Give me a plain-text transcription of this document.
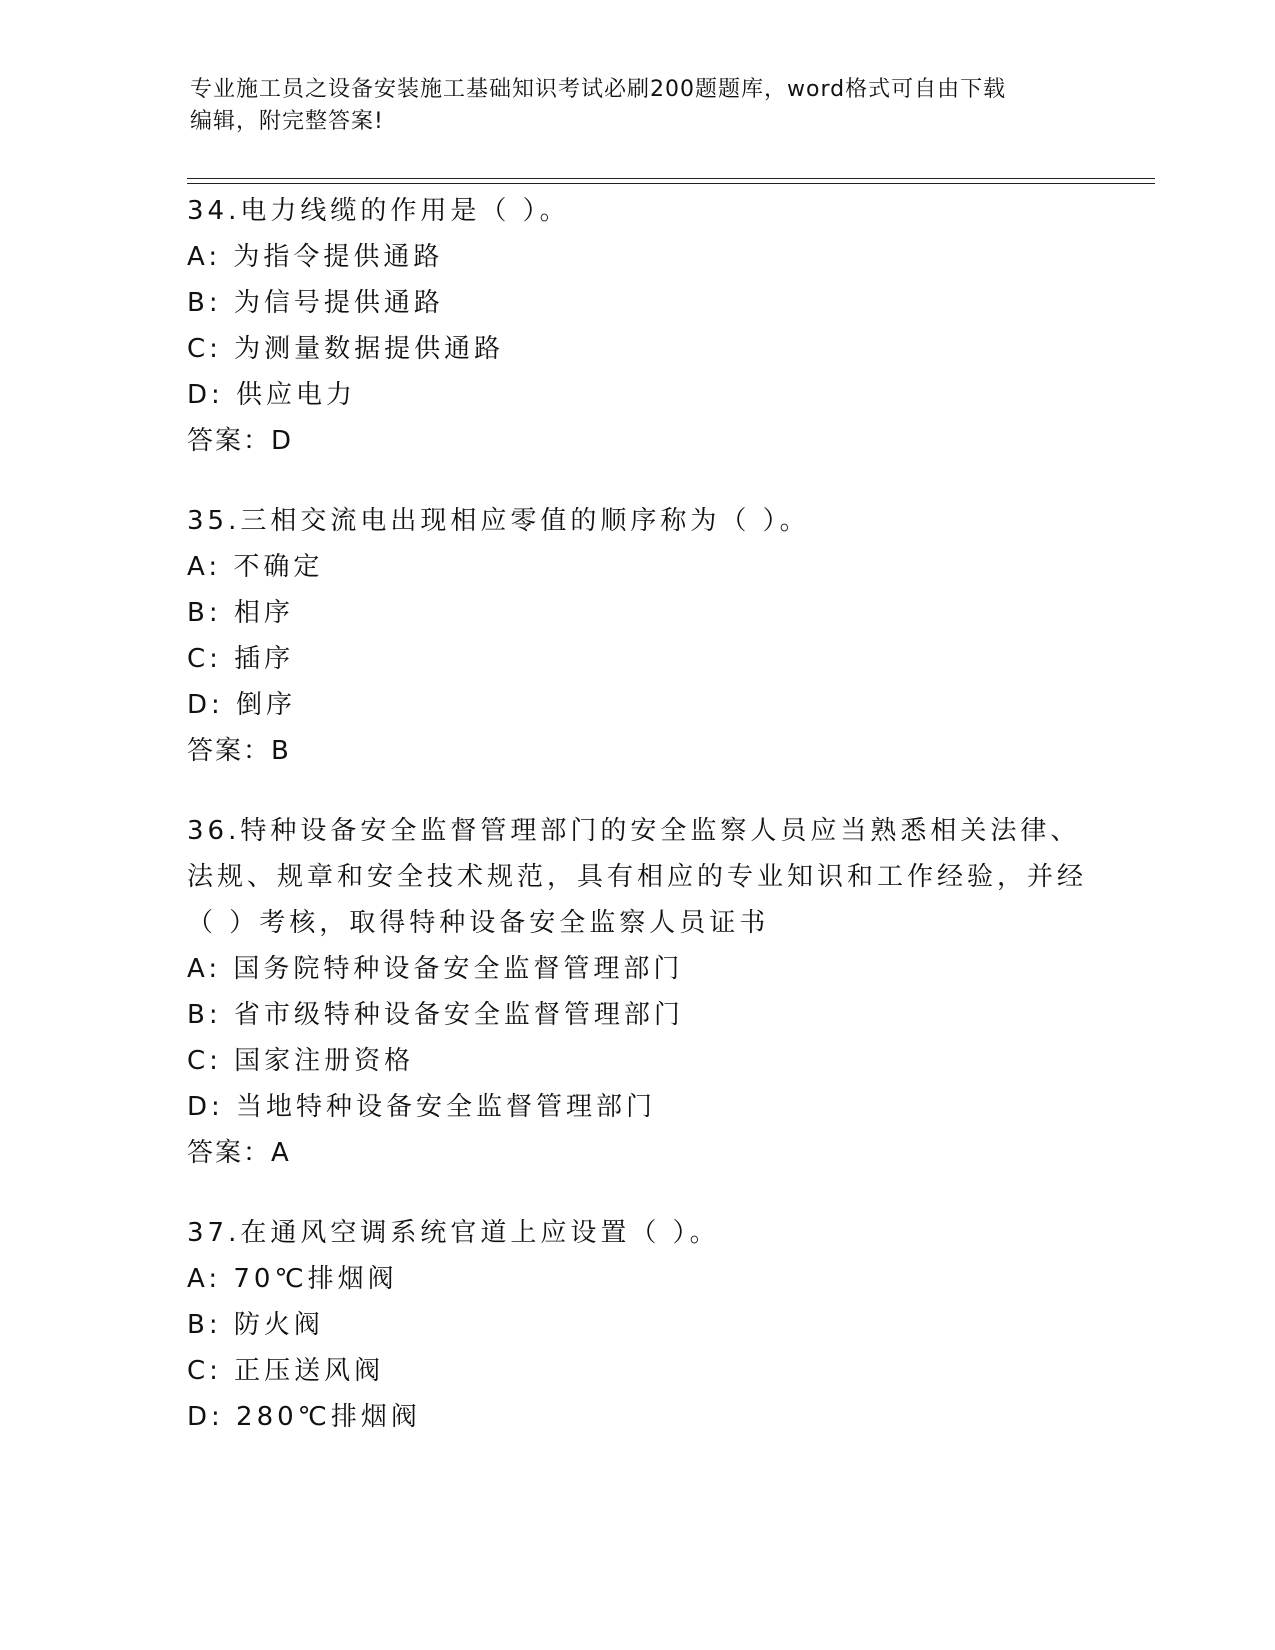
专业施工员之设备安装施工基础知识考试必刷200题题库，word格式可自由下载
编辑，附完整答案!

34.电力线缆的作用是（ ）。

A: 为指令提供通路

B: 为信号提供通路

C: 为测量数据提供通路

D: 供应电力

答案：D

35.三相交流电出现相应零值的顺序称为（ ）。

A: 不确定

B: 相序

C: 插序

D: 倒序

答案：B

36.特种设备安全监督管理部门的安全监察人员应当熟悉相关法律、法规、规章和安全技术规范，具有相应的专业知识和工作经验，并经（ ）考核，取得特种设备安全监察人员证书

A: 国务院特种设备安全监督管理部门

B: 省市级特种设备安全监督管理部门

C: 国家注册资格

D: 当地特种设备安全监督管理部门

答案：A

37.在通风空调系统官道上应设置（ ）。

A: 70℃排烟阀

B: 防火阀

C: 正压送风阀

D: 280℃排烟阀
